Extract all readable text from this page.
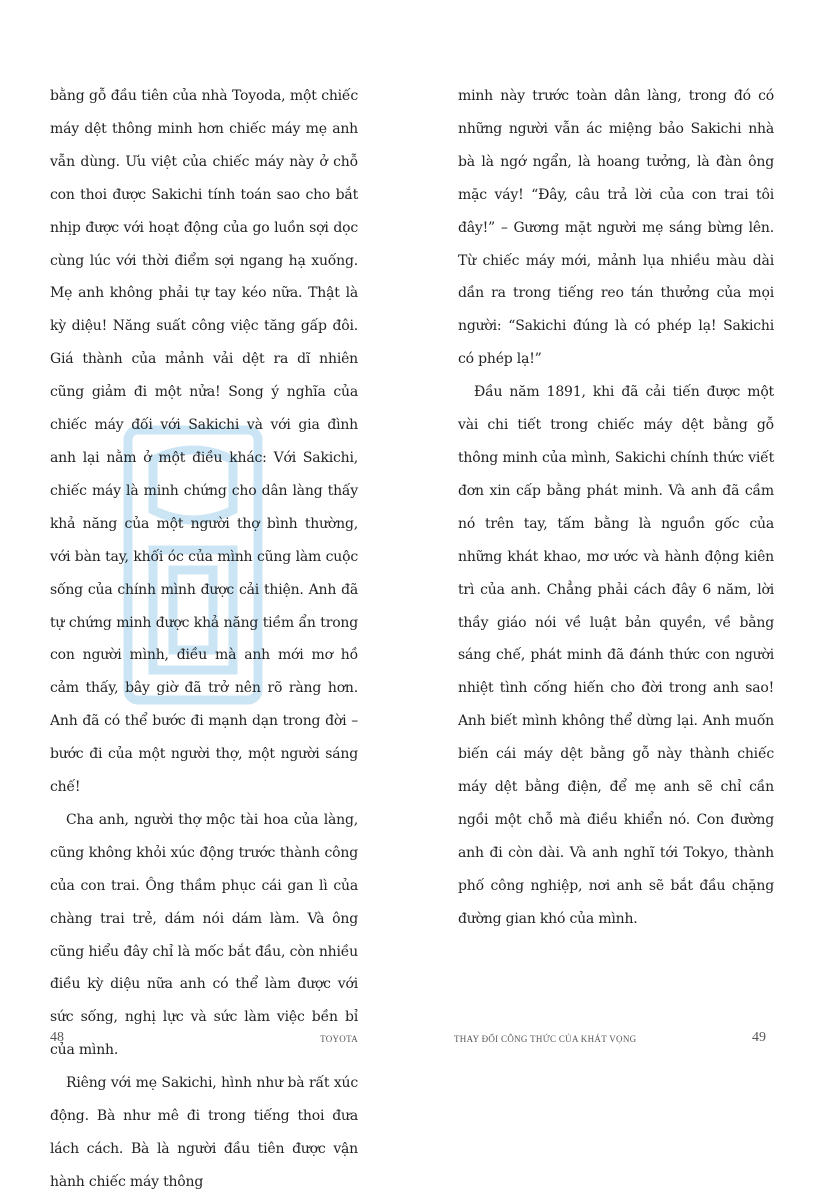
bằng gỗ đầu tiên của nhà Toyoda, một chiếc máy dệt thông minh hơn chiếc máy mẹ anh vẫn dùng. Ưu việt của chiếc máy này ở chỗ con thoi được Sakichi tính toán sao cho bắt nhịp được với hoạt động của go luồn sợi dọc cùng lúc với thời điểm sợi ngang hạ xuống. Mẹ anh không phải tự tay kéo nữa. Thật là kỳ diệu! Năng suất công việc tăng gấp đôi. Giá thành của mảnh vải dệt ra dĩ nhiên cũng giảm đi một nửa! Song ý nghĩa của chiếc máy đối với Sakichi và với gia đình anh lại nằm ở một điều khác: Với Sakichi, chiếc máy là minh chứng cho dân làng thấy khả năng của một người thợ bình thường, với bàn tay, khối óc của mình cũng làm cuộc sống của chính mình được cải thiện. Anh đã tự chứng minh được khả năng tiềm ẩn trong con người mình, điều mà anh mới mơ hồ cảm thấy, bây giờ đã trở nên rõ ràng hơn. Anh đã có thể bước đi mạnh dạn trong đời – bước đi của một người thợ, một người sáng chế!

Cha anh, người thợ mộc tài hoa của làng, cũng không khỏi xúc động trước thành công của con trai. Ông thầm phục cái gan lì của chàng trai trẻ, dám nói dám làm. Và ông cũng hiểu đây chỉ là mốc bắt đầu, còn nhiều điều kỳ diệu nữa anh có thể làm được với sức sống, nghị lực và sức làm việc bền bỉ của mình.

Riêng với mẹ Sakichi, hình như bà rất xúc động. Bà như mê đi trong tiếng thoi đưa lách cách. Bà là người đầu tiên được vận hành chiếc máy thông

48	TOYOTA

minh này trước toàn dân làng, trong đó có những người vẫn ác miệng bảo Sakichi nhà bà là ngớ ngẩn, là hoang tưởng, là đàn ông mặc váy! “Đây, câu trả lời của con trai tôi đây!” – Gương mặt người mẹ sáng bừng lên. Từ chiếc máy mới, mảnh lụa nhiều màu dài dần ra trong tiếng reo tán thưởng của mọi người: “Sakichi đúng là có phép lạ! Sakichi có phép lạ!”

Đầu năm 1891, khi đã cải tiến được một vài chi tiết trong chiếc máy dệt bằng gỗ thông minh của mình, Sakichi chính thức viết đơn xin cấp bằng phát minh. Và anh đã cầm nó trên tay, tấm bằng là nguồn gốc của những khát khao, mơ ước và hành động kiên trì của anh. Chẳng phải cách đây 6 năm, lời thầy giáo nói về luật bản quyền, về bằng sáng chế, phát minh đã đánh thức con người nhiệt tình cống hiến cho đời trong anh sao! Anh biết mình không thể dừng lại. Anh muốn biến cái máy dệt bằng gỗ này thành chiếc máy dệt bằng điện, để mẹ anh sẽ chỉ cần ngồi một chỗ mà điều khiển nó. Con đường anh đi còn dài. Và anh nghĩ tới Tokyo, thành phố công nghiệp, nơi anh sẽ bắt đầu chặng đường gian khó của mình.

THAY ĐỔI CÔNG THỨC CỦA KHÁT VỌNG	49
